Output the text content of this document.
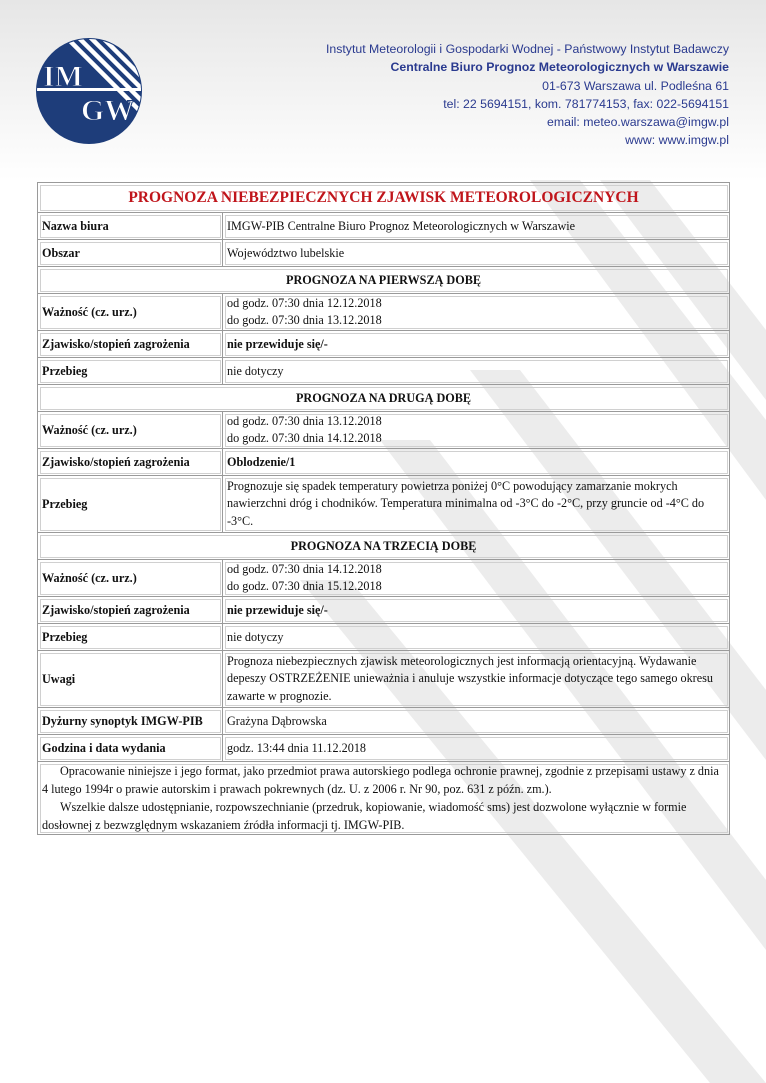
IM
GW
Instytut Meteorologii i Gospodarki Wodnej - Państwowy Instytut Badawczy
Centralne Biuro Prognoz Meteorologicznych w Warszawie
01-673 Warszawa ul. Podleśna 61
tel: 22 5694151, kom. 781774153, fax: 022-5694151
email: meteo.warszawa@imgw.pl
www: www.imgw.pl
PROGNOZA NIEBEZPIECZNYCH ZJAWISK METEOROLOGICZNYCH	
Nazwa biura	IMGW-PIB Centralne Biuro Prognoz Meteorologicznych w Warszawie
Obszar	Województwo lubelskie
PROGNOZA NA PIERWSZĄ DOBĘ	
Ważność (cz. urz.)	od godz. 07:30 dnia 12.12.2018
do godz. 07:30 dnia 13.12.2018

Zjawisko/stopień zagrożenia	nie przewiduje się/-
Przebieg	nie dotyczy
PROGNOZA NA DRUGĄ DOBĘ	
Ważność (cz. urz.)	od godz. 07:30 dnia 13.12.2018
do godz. 07:30 dnia 14.12.2018

Zjawisko/stopień zagrożenia	Oblodzenie/1
Przebieg	Prognozuje się spadek temperatury powietrza poniżej 0°C powodujący zamarzanie mokrych nawierzchni dróg i chodników. Temperatura minimalna od -3°C do -2°C, przy gruncie od -4°C do -3°C.
PROGNOZA NA TRZECIĄ DOBĘ	
Ważność (cz. urz.)	od godz. 07:30 dnia 14.12.2018
do godz. 07:30 dnia 15.12.2018

Zjawisko/stopień zagrożenia	nie przewiduje się/-
Przebieg	nie dotyczy
Uwagi	Prognoza niebezpiecznych zjawisk meteorologicznych jest informacją orientacyjną. Wydawanie depeszy OSTRZEŻENIE unieważnia i anuluje wszystkie informacje dotyczące tego samego okresu zawarte w prognozie.
Dyżurny synoptyk IMGW-PIB	Grażyna Dąbrowska
Godzina i data wydania	godz. 13:44 dnia 11.12.2018

Opracowanie niniejsze i jego format, jako przedmiot prawa autorskiego podlega ochronie prawnej, zgodnie z przepisami ustawy z dnia 4 lutego 1994r o prawie autorskim i prawach pokrewnych (dz. U. z 2006 r. Nr 90, poz. 631 z późn. zm.).
Wszelkie dalsze udostępnianie, rozpowszechnianie (przedruk, kopiowanie, wiadomość sms) jest dozwolone wyłącznie w formie dosłownej z bezwzględnym wskazaniem źródła informacji tj. IMGW-PIB.	
